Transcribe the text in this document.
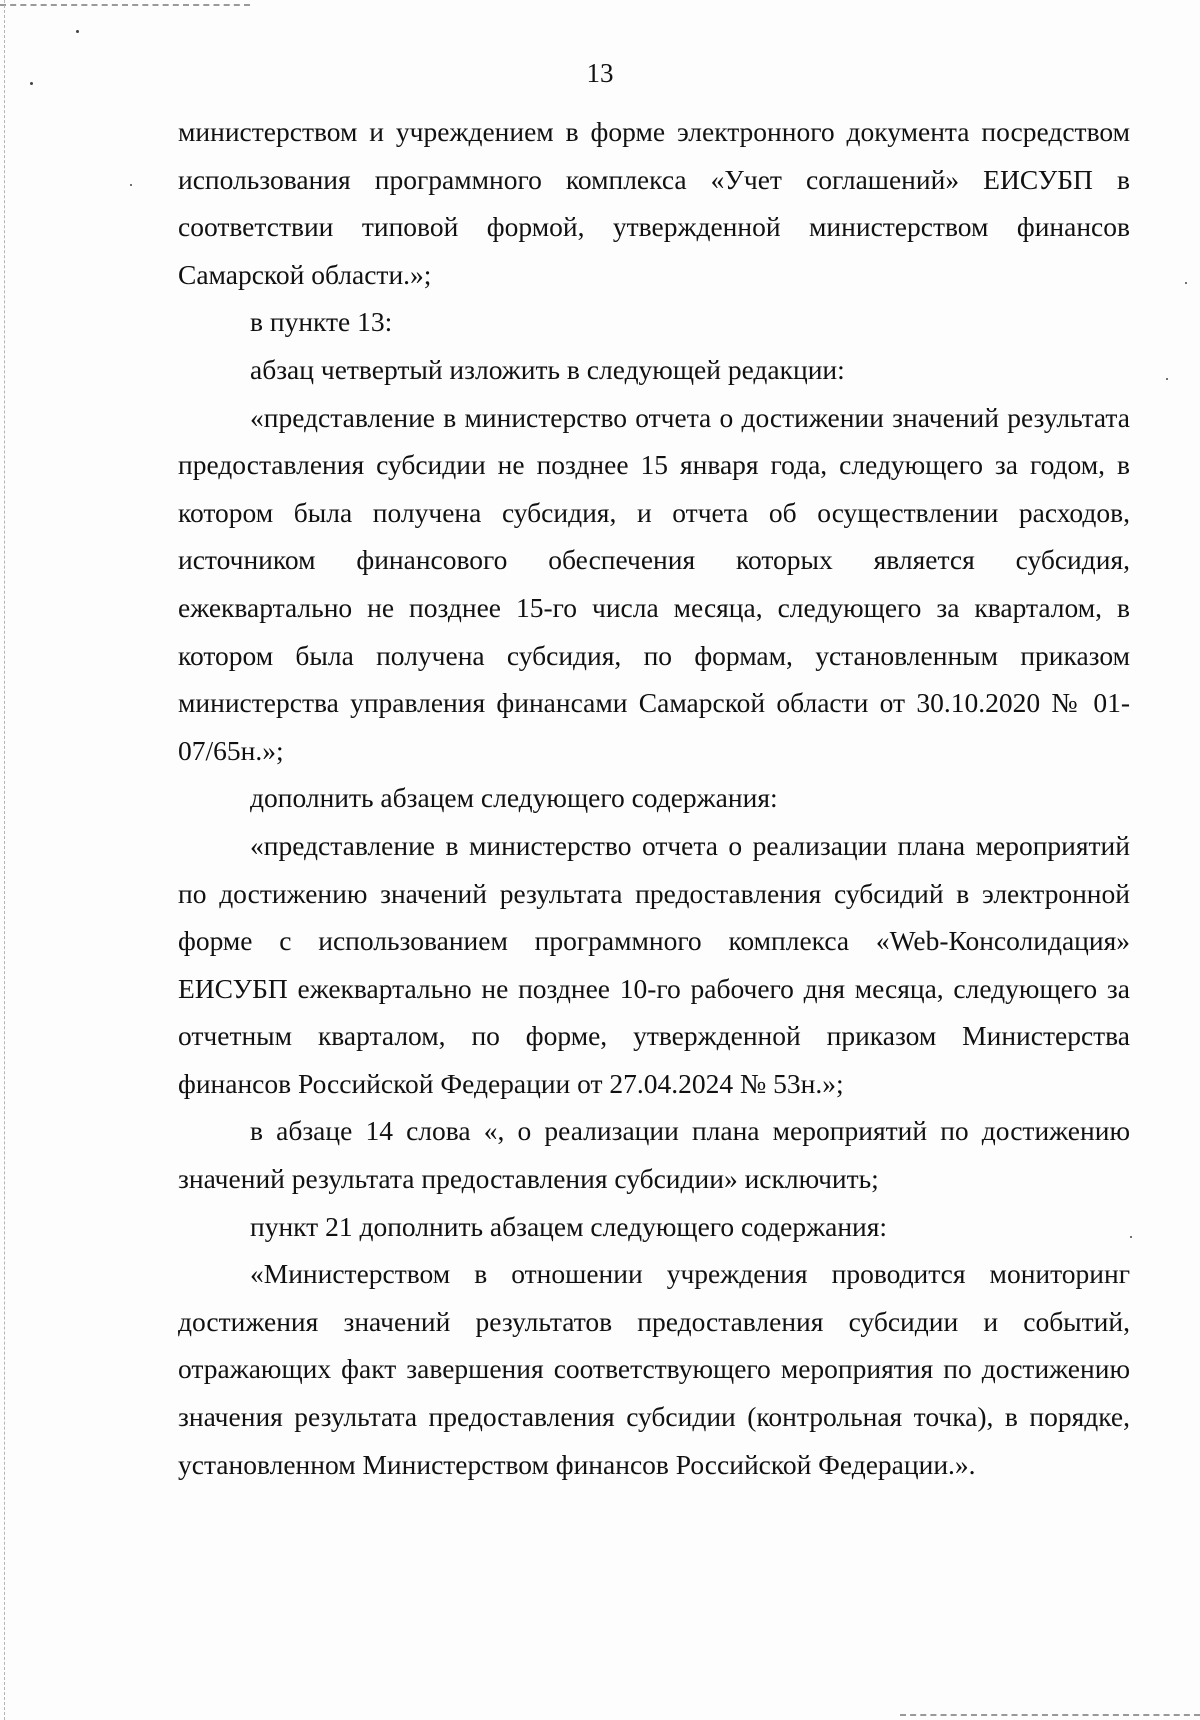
13

министерством и учреждением в форме электронного документа посредством использования программного комплекса «Учет соглашений» ЕИСУБП в соответствии типовой формой, утвержденной министерством финансов Самарской области.»;

в пункте 13:

абзац четвертый изложить в следующей редакции:

«представление в министерство отчета о достижении значений результата предоставления субсидии не позднее 15 января года, следующего за годом, в котором была получена субсидия, и отчета об осуществлении расходов, источником финансового обеспечения которых является субсидия, ежеквартально не позднее 15-го числа месяца, следующего за кварталом, в котором была получена субсидия, по формам, установленным приказом министерства управления финансами Самарской области от 30.10.2020 № 01-07/65н.»;

дополнить абзацем следующего содержания:

«представление в министерство отчета о реализации плана мероприятий по достижению значений результата предоставления субсидий в электронной форме с использованием программного комплекса «Web-Консолидация» ЕИСУБП ежеквартально не позднее 10-го рабочего дня месяца, следующего за отчетным кварталом, по форме, утвержденной приказом Министерства финансов Российской Федерации от 27.04.2024 № 53н.»;

в абзаце 14 слова «, о реализации плана мероприятий по достижению значений результата предоставления субсидии» исключить;

пункт 21 дополнить абзацем следующего содержания:

«Министерством в отношении учреждения проводится мониторинг достижения значений результатов предоставления субсидии и событий, отражающих факт завершения соответствующего мероприятия по достижению значения результата предоставления субсидии (контрольная точка), в порядке, установленном Министерством финансов Российской Федерации.».
